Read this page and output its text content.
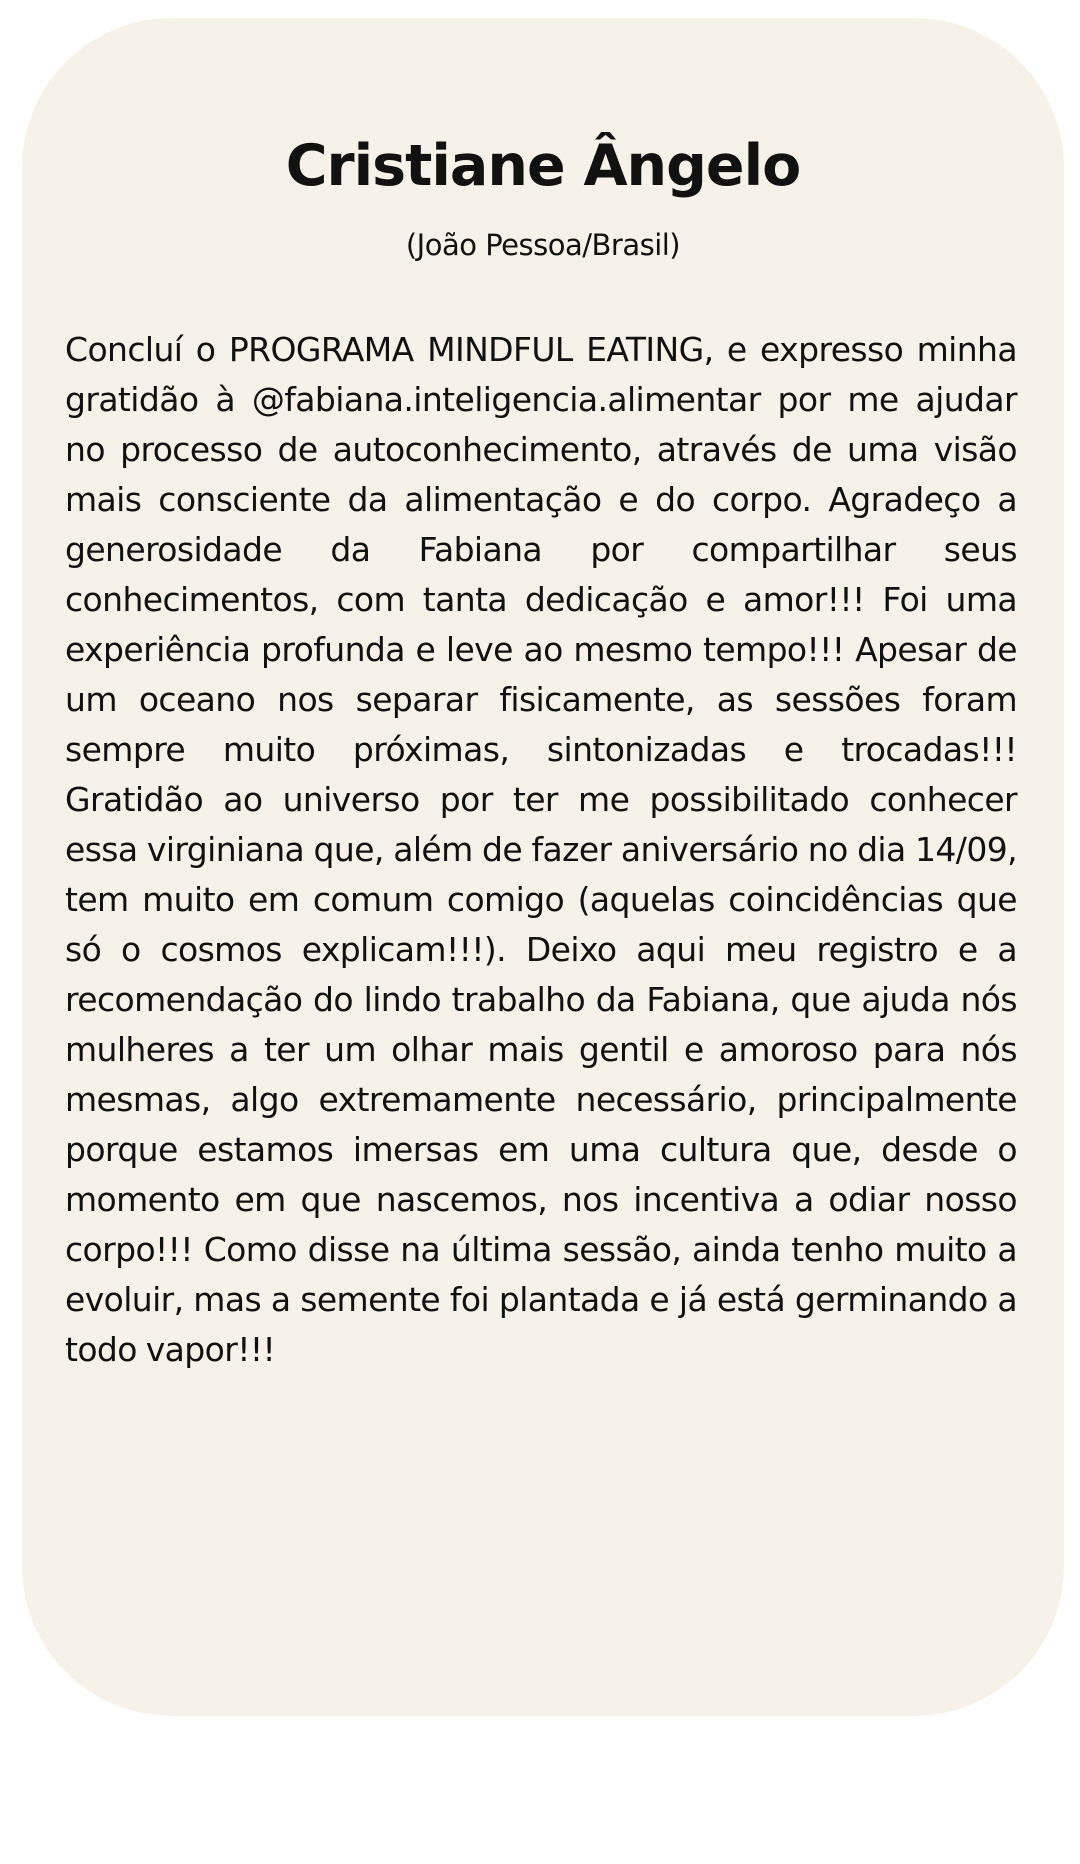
Cristiane Ângelo

(João Pessoa/Brasil)

Concluí o PROGRAMA MINDFUL EATING, e expresso minha gratidão à @fabiana.inteligencia.alimentar por me ajudar no processo de autoconhecimento, através de uma visão mais consciente da alimentação e do corpo. Agradeço a generosidade da Fabiana por compartilhar seus conhecimentos, com tanta dedicação e amor!!! Foi uma experiência profunda e leve ao mesmo tempo!!! Apesar de um oceano nos separar fisicamente, as sessões foram sempre muito próximas, sintonizadas e trocadas!!! Gratidão ao universo por ter me possibilitado conhecer essa virginiana que, além de fazer aniversário no dia 14/09, tem muito em comum comigo (aquelas coincidências que só o cosmos explicam!!!). Deixo aqui meu registro e a recomendação do lindo trabalho da Fabiana, que ajuda nós mulheres a ter um olhar mais gentil e amoroso para nós mesmas, algo extremamente necessário, principalmente porque estamos imersas em uma cultura que, desde o momento em que nascemos, nos incentiva a odiar nosso corpo!!! Como disse na última sessão, ainda tenho muito a evoluir, mas a semente foi plantada e já está germinando a todo vapor!!!
